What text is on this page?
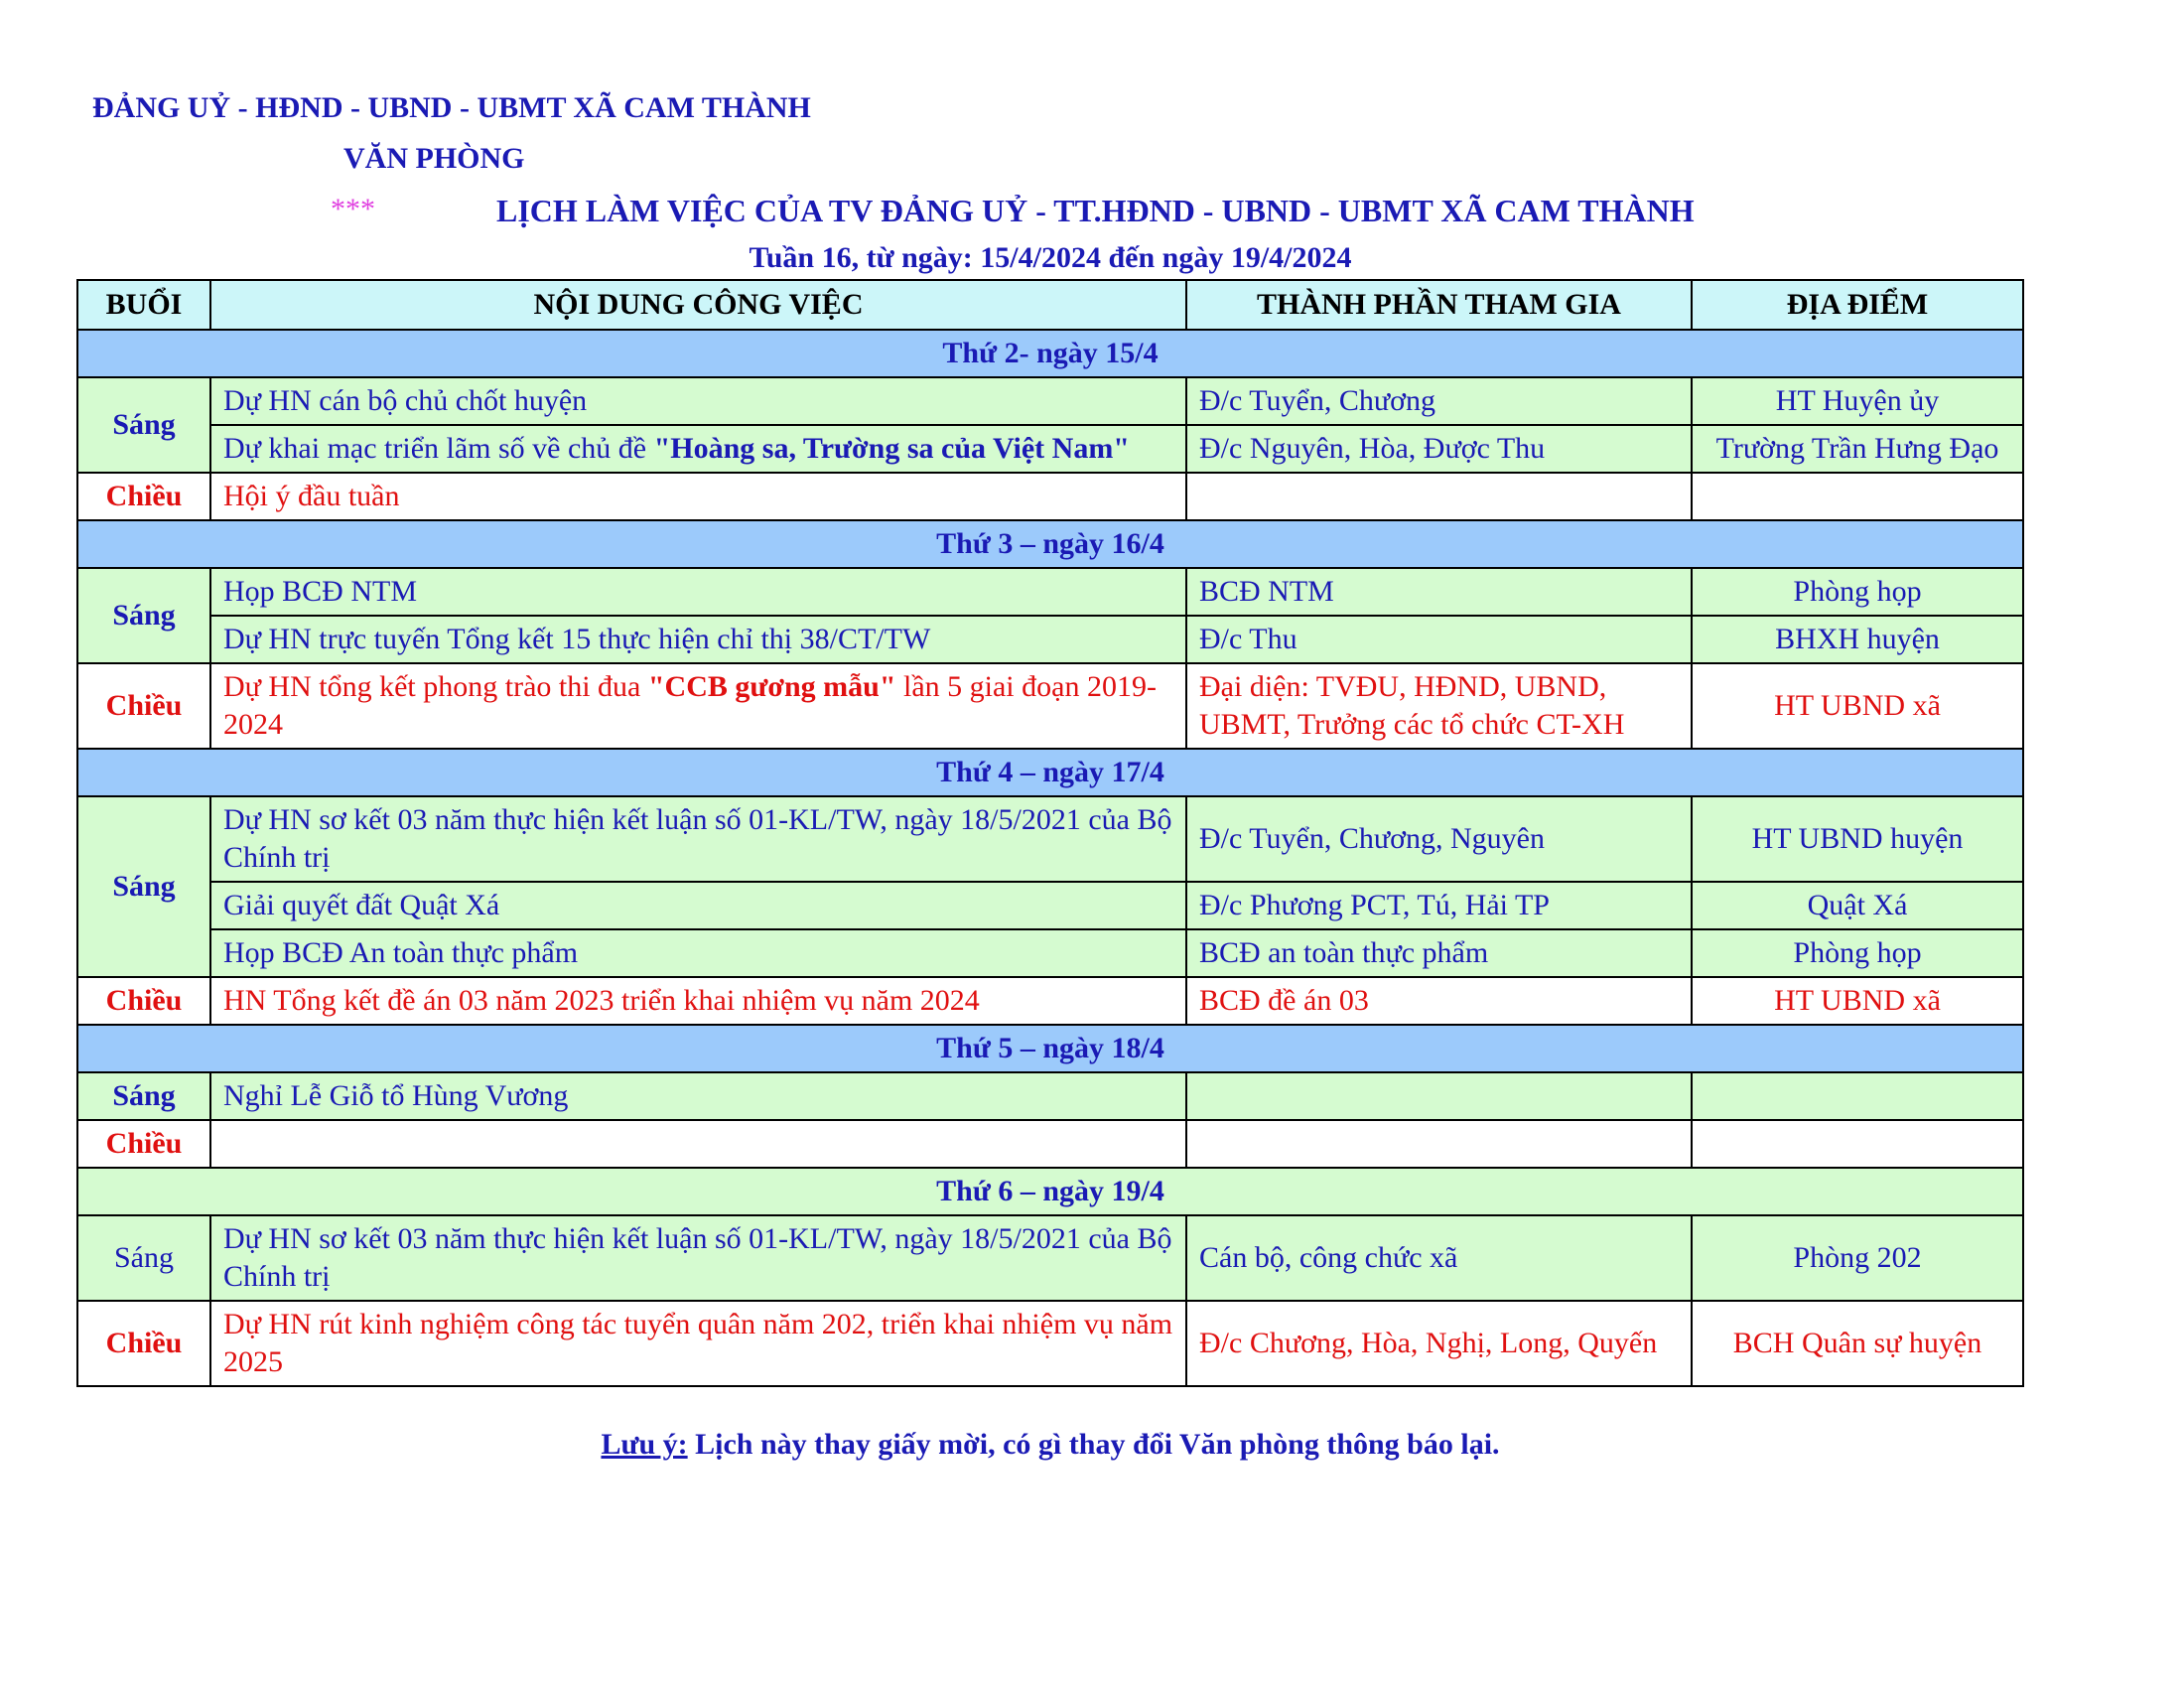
ĐẢNG UỶ - HĐND - UBND - UBMT XÃ CAM THÀNH
VĂN PHÒNG
***	LỊCH LÀM VIỆC CỦA TV ĐẢNG UỶ - TT.HĐND - UBND - UBMT XÃ CAM THÀNH
Tuần 16, từ ngày: 15/4/2024 đến ngày 19/4/2024
BUỔI	NỘI DUNG CÔNG VIỆC	THÀNH PHẦN THAM GIA	ĐỊA ĐIỂM
Thứ 2- ngày 15/4			
Sáng	Dự HN cán bộ chủ chốt huyện	Đ/c Tuyển, Chương	HT Huyện ủy
	Dự khai mạc triển lãm số về chủ đề "Hoàng sa, Trường sa của Việt Nam"	Đ/c Nguyên, Hòa, Được Thu	Trường Trần Hưng Đạo
Chiều	Hội ý đầu tuần		
Thứ 3 – ngày 16/4			
Sáng	Họp BCĐ NTM	BCĐ NTM	Phòng họp
	Dự HN trực tuyến Tổng kết 15 thực hiện chỉ thị 38/CT/TW	Đ/c Thu	BHXH huyện
Chiều	Dự HN tổng kết phong trào thi đua "CCB gương mẫu" lần 5 giai đoạn 2019-2024	Đại diện: TVĐU, HĐND, UBND, UBMT, Trưởng các tổ chức CT-XH	HT UBND xã
Thứ 4 – ngày 17/4			
Sáng	Dự HN sơ kết 03 năm thực hiện kết luận số 01-KL/TW, ngày 18/5/2021 của Bộ Chính trị	Đ/c Tuyển, Chương, Nguyên	HT UBND huyện
	Giải quyết đất Quật Xá	Đ/c Phương PCT, Tú, Hải TP	Quật Xá
	Họp BCĐ An toàn thực phẩm	BCĐ an toàn thực phẩm	Phòng họp
Chiều	HN Tổng kết đề án 03 năm 2023 triển khai nhiệm vụ năm 2024	BCĐ đề án 03	HT UBND xã
Thứ 5 – ngày 18/4			
Sáng	Nghỉ Lễ Giỗ tổ Hùng Vương		
Chiều			
Thứ 6 – ngày 19/4			
Sáng	Dự HN sơ kết 03 năm thực hiện kết luận số 01-KL/TW, ngày 18/5/2021 của Bộ Chính trị	Cán bộ, công chức xã	Phòng 202
Chiều	Dự HN rút kinh nghiệm công tác tuyển quân năm 202, triển khai nhiệm vụ năm 2025	Đ/c Chương, Hòa, Nghị, Long, Quyến	BCH Quân sự huyện
Lưu ý: Lịch này thay giấy mời, có gì thay đổi Văn phòng thông báo lại.
